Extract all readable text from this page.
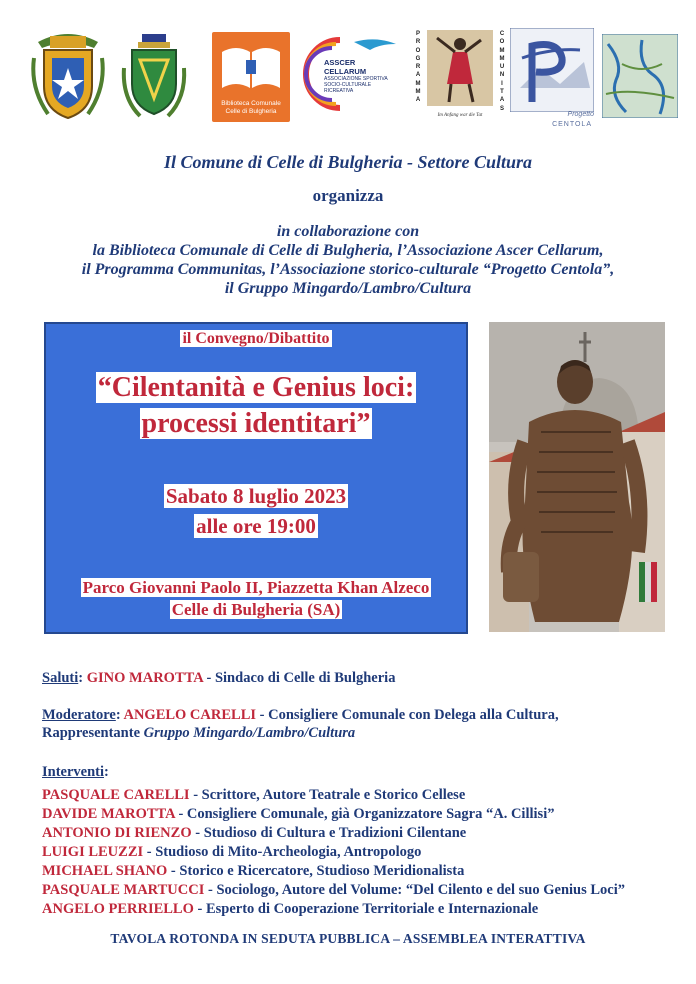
Biblioteca Comunale Celle di Bulgheria
ASSCER CELLARUM
ASSOCIAZIONE SPORTIVA SOCIO-CULTURALE RICREATIVA
P
R
O
G
R
A
M
M
A
C
O
M
M
U
N
I
T
A
S
Im Anfang war die Tat	Progetto
CENTOLA
Il Comune di Celle di Bulgheria - Settore Cultura
organizza
in collaborazione con
la Biblioteca Comunale di Celle di Bulgheria, l’Associazione Ascer Cellarum,
il Programma Communitas, l’Associazione storico-culturale “Progetto Centola”,
il Gruppo Mingardo/Lambro/Cultura
il Convegno/Dibattito
“Cilentanità e Genius loci:
processi identitari”
Sabato 8 luglio 2023
alle ore 19:00
Parco Giovanni Paolo II, Piazzetta Khan Alzeco
Celle di Bulgheria (SA)
Saluti: GINO MAROTTA - Sindaco di Celle di Bulgheria
Moderatore: ANGELO CARELLI - Consigliere Comunale con Delega alla Cultura,
Rappresentante Gruppo Mingardo/Lambro/Cultura
Interventi:
PASQUALE CARELLI - Scrittore, Autore Teatrale e Storico Cellese
DAVIDE MAROTTA - Consigliere Comunale, già Organizzatore Sagra “A. Cillisi”
ANTONIO DI RIENZO - Studioso di Cultura e Tradizioni Cilentane
LUIGI LEUZZI - Studioso di Mito-Archeologia, Antropologo
MICHAEL SHANO - Storico e Ricercatore, Studioso Meridionalista
PASQUALE MARTUCCI - Sociologo, Autore del Volume: “Del Cilento e del suo Genius Loci”
ANGELO PERRIELLO - Esperto di Cooperazione Territoriale e Internazionale
TAVOLA ROTONDA IN SEDUTA PUBBLICA – ASSEMBLEA INTERATTIVA
